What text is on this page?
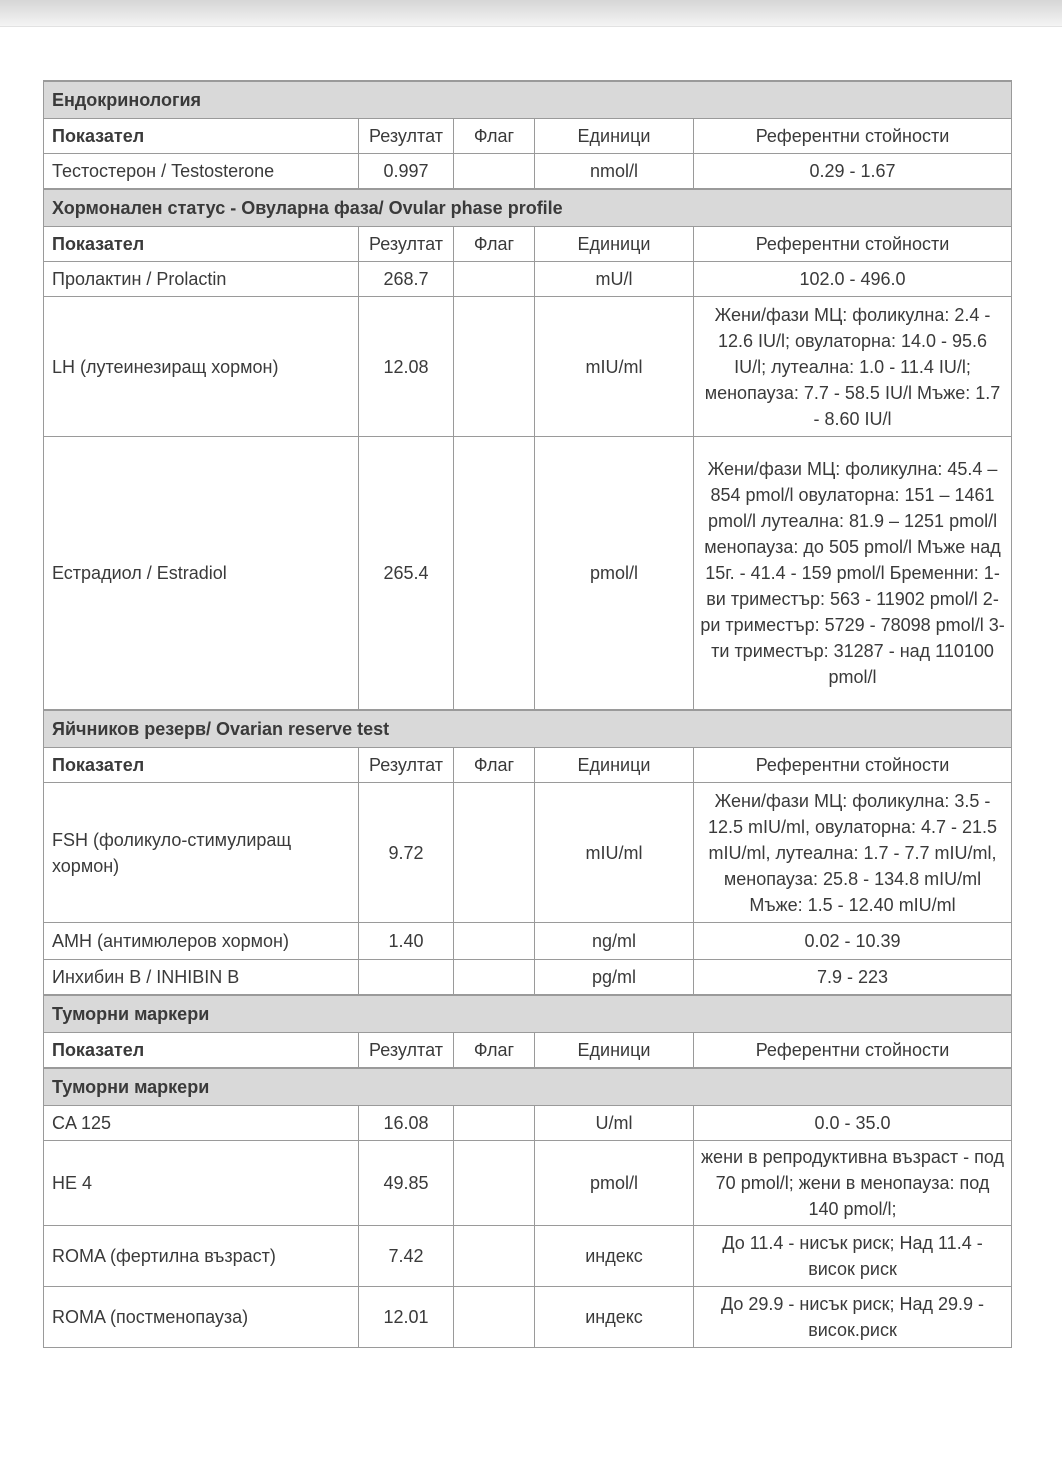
Ендокринология				
Показател	Резултат	Флаг	Единици	Референтни стойности
Тестостерон / Testosterone	0.997		nmol/l	0.29 - 1.67
Хормонален статус - Овуларна фаза/ Ovular phase profile				
Показател	Резултат	Флаг	Единици	Референтни стойности
Пролактин / Prolactin	268.7		mU/l	102.0 - 496.0
LH (лутеинезиращ хормон)	12.08		mIU/ml	Жени/фази МЦ: фоликулна: 2.4 - 12.6 IU/l; овулаторна: 14.0 - 95.6 IU/l; лутеална: 1.0 - 11.4 IU/l; менопауза: 7.7 - 58.5 IU/l Мъже: 1.7 - 8.60 IU/l
Естрадиол / Estradiol	265.4		pmol/l	Жени/фази МЦ: фоликулна: 45.4 – 854 pmol/l овулаторна: 151 – 1461 pmol/l лутеална: 81.9 – 1251 pmol/l менопауза: до 505 pmol/l Мъже над 15г. - 41.4 - 159 pmol/l Бременни: 1-ви триместър: 563 - 11902 pmol/l 2-ри триместър: 5729 - 78098 pmol/l 3-ти триместър: 31287 - над 110100 pmol/l
Яйчников резерв/ Ovarian reserve test				
Показател	Резултат	Флаг	Единици	Референтни стойности
FSH (фоликуло-стимулиращ хормон)	9.72		mIU/ml	Жени/фази МЦ: фоликулна: 3.5 - 12.5 mIU/ml, овулаторна: 4.7 - 21.5 mIU/ml, лутеална: 1.7 - 7.7 mIU/ml, менопауза: 25.8 - 134.8 mIU/ml Мъже: 1.5 - 12.40 mIU/ml
АМН (антимюлеров хормон)	1.40		ng/ml	0.02 - 10.39
Инхибин В / INHIBIN B			pg/ml	7.9 - 223
Туморни маркери				
Показател	Резултат	Флаг	Единици	Референтни стойности
Туморни маркери				
CA 125	16.08		U/ml	0.0 - 35.0
HE 4	49.85		pmol/l	жени в репродуктивна възраст - под 70 pmol/l; жени в менопауза: под 140 pmol/l;
ROMA (фертилна възраст)	7.42		индекс	До 11.4 - нисък риск; Над 11.4 - висок риск
ROMA (постменопауза)	12.01		индекс	До 29.9 - нисък риск; Над 29.9 - висок.риск
